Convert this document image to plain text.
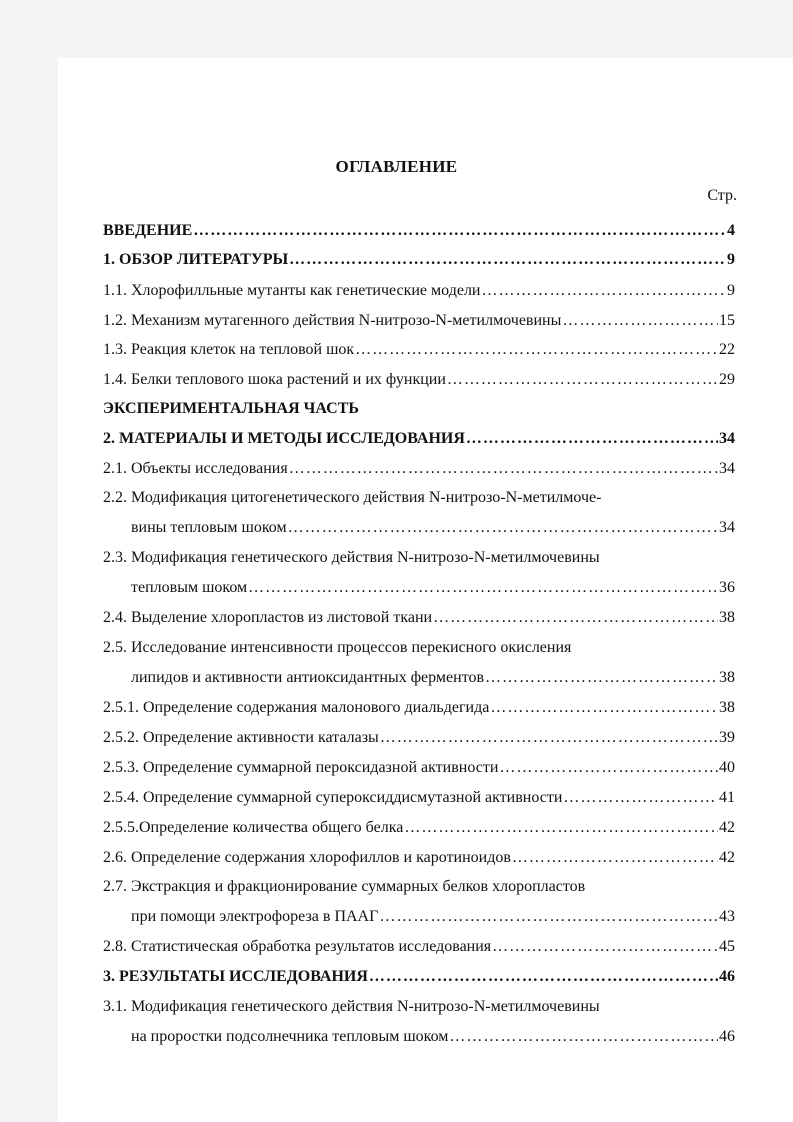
ОГЛАВЛЕНИЕ
Стр.
ВВЕДЕНИЕ ………………………………………………………………………………………………………………………………………………………………………………	4
1. ОБЗОР ЛИТЕРАТУРЫ ………………………………………………………………………………………………………………………………………………………………………………	9
1.1. Хлорофилльные мутанты как генетические модели ………………………………………………………………………………………………………………………………………………………………………………	9
1.2. Механизм мутагенного действия N-нитрозо-N-метилмочевины ………………………………………………………………………………………………………………………………………………………………………………	15
1.3. Реакция клеток на тепловой шок ………………………………………………………………………………………………………………………………………………………………………………	22
1.4. Белки теплового шока растений и их функции ………………………………………………………………………………………………………………………………………………………………………………	29
ЭКСПЕРИМЕНТАЛЬНАЯ ЧАСТЬ
2. МАТЕРИАЛЫ И МЕТОДЫ ИССЛЕДОВАНИЯ ………………………………………………………………………………………………………………………………………………………………………………	34
2.1. Объекты исследования ………………………………………………………………………………………………………………………………………………………………………………	34
2.2. Модификация цитогенетического действия N-нитрозо-N-метилмоче-
вины тепловым шоком ………………………………………………………………………………………………………………………………………………………………………………	34
2.3. Модификация генетического действия N-нитрозо-N-метилмочевины
тепловым шоком ………………………………………………………………………………………………………………………………………………………………………………	36
2.4. Выделение хлоропластов из листовой ткани ………………………………………………………………………………………………………………………………………………………………………………	38
2.5. Исследование интенсивности процессов перекисного окисления
липидов и активности антиоксидантных ферментов ………………………………………………………………………………………………………………………………………………………………………………	38
2.5.1. Определение содержания малонового диальдегида ………………………………………………………………………………………………………………………………………………………………………………	38
2.5.2. Определение активности каталазы ………………………………………………………………………………………………………………………………………………………………………………	39
2.5.3. Определение суммарной пероксидазной активности ………………………………………………………………………………………………………………………………………………………………………………	40
2.5.4. Определение суммарной супероксиддисмутазной активности ………………………………………………………………………………………………………………………………………………………………………………	41
2.5.5.Определение количества общего белка ………………………………………………………………………………………………………………………………………………………………………………	42
2.6. Определение содержания хлорофиллов и каротиноидов ………………………………………………………………………………………………………………………………………………………………………………	42
2.7. Экстракция и фракционирование суммарных белков хлоропластов
при помощи электрофореза в ПААГ ………………………………………………………………………………………………………………………………………………………………………………	43
2.8. Статистическая обработка результатов исследования ………………………………………………………………………………………………………………………………………………………………………………	45
3. РЕЗУЛЬТАТЫ ИССЛЕДОВАНИЯ ………………………………………………………………………………………………………………………………………………………………………………	46
3.1. Модификация генетического действия N-нитрозо-N-метилмочевины
на проростки подсолнечника тепловым шоком ………………………………………………………………………………………………………………………………………………………………………………	46
